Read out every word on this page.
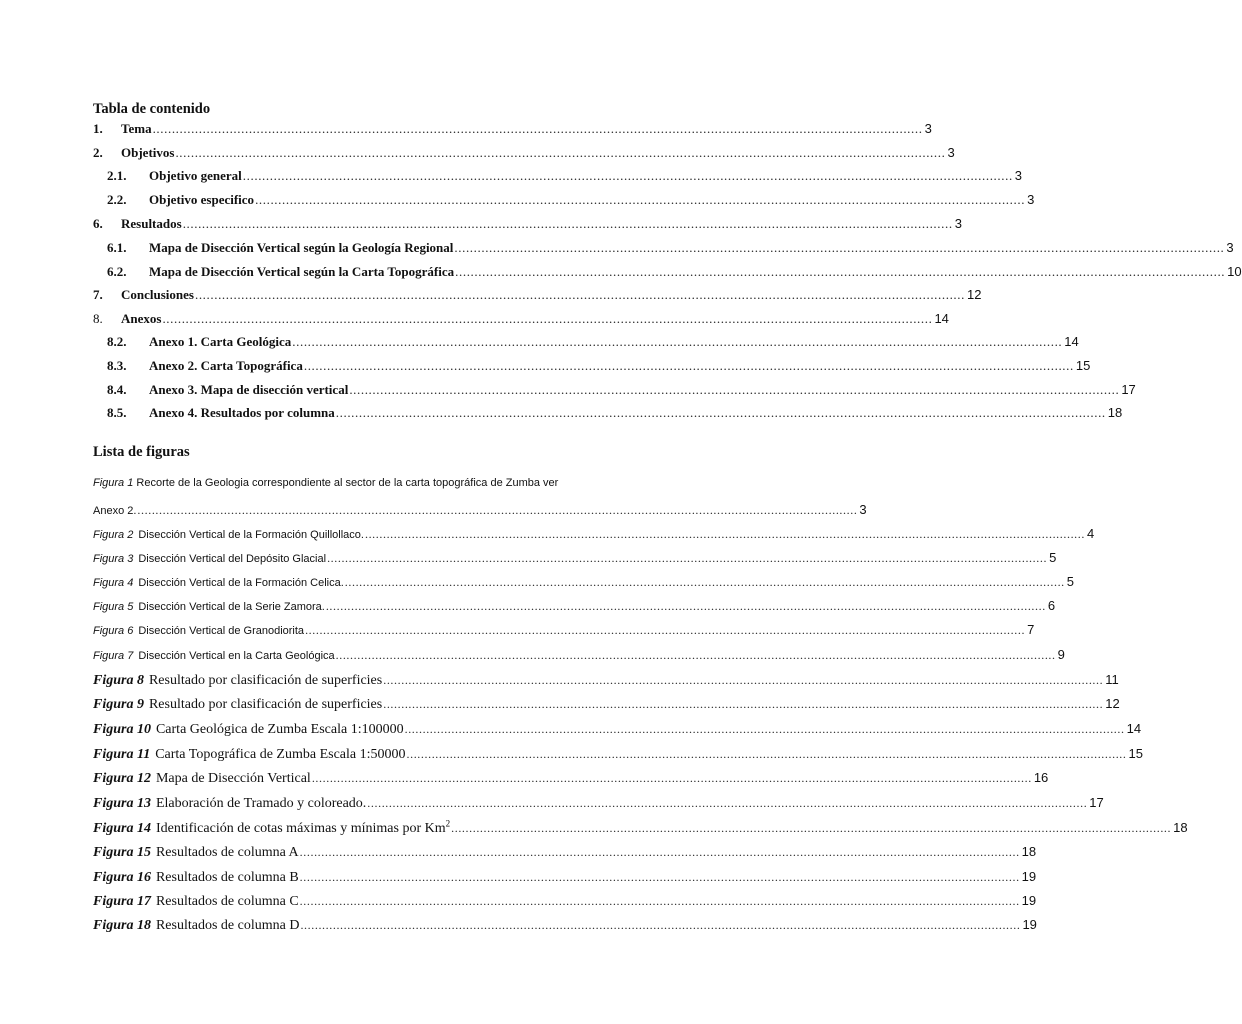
Tabla de contenido
1. Tema ........................................................................................................................................................................................................ 3
2. Objetivos ........................................................................................................................................................................................................ 3
2.1. Objetivo general ........................................................................................................................................................................................................ 3
2.2. Objetivo especifico ........................................................................................................................................................................................................ 3
6. Resultados ........................................................................................................................................................................................................ 3
6.1. Mapa de Disección Vertical según la Geología Regional ........................................................................................................................................................................................................ 3
6.2. Mapa de Disección Vertical según la Carta Topográfica ........................................................................................................................................................................................................ 10
7. Conclusiones ........................................................................................................................................................................................................ 12
8. Anexos ........................................................................................................................................................................................................ 14
8.2. Anexo 1. Carta Geológica ........................................................................................................................................................................................................ 14
8.3. Anexo 2. Carta Topográfica ........................................................................................................................................................................................................ 15
8.4. Anexo 3. Mapa de disección vertical ........................................................................................................................................................................................................ 17
8.5. Anexo 4. Resultados por columna ........................................................................................................................................................................................................ 18
Lista de figuras
Figura 1 Recorte de la Geologia correspondiente al sector de la carta topográfica de Zumba ver
Anexo 2. ........................................................................................................................................................................................................ 3
Figura 2 Disección Vertical de la Formación Quillollaco. ........................................................................................................................................................................................................ 4
Figura 3 Disección Vertical del Depósito Glacial ........................................................................................................................................................................................................ 5
Figura 4 Disección Vertical de la Formación Celica. ........................................................................................................................................................................................................ 5
Figura 5 Disección Vertical de la Serie Zamora. ........................................................................................................................................................................................................ 6
Figura 6 Disección Vertical de Granodiorita ........................................................................................................................................................................................................ 7
Figura 7 Disección Vertical en la Carta Geológica ........................................................................................................................................................................................................ 9
Figura 8 Resultado por clasificación de superficies ........................................................................................................................................................................................................ 11
Figura 9 Resultado por clasificación de superficies ........................................................................................................................................................................................................ 12
Figura 10 Carta Geológica de Zumba Escala 1:100000 ........................................................................................................................................................................................................ 14
Figura 11 Carta Topográfica de Zumba Escala 1:50000 ........................................................................................................................................................................................................ 15
Figura 12 Mapa de Disección Vertical ........................................................................................................................................................................................................ 16
Figura 13 Elaboración de Tramado y coloreado. ........................................................................................................................................................................................................ 17
Figura 14 Identificación de cotas máximas y mínimas por Km$^2$ ........................................................................................................................................................................................................ 18
Figura 15 Resultados de columna A ........................................................................................................................................................................................................ 18
Figura 16 Resultados de columna B ........................................................................................................................................................................................................ 19
Figura 17 Resultados de columna C ........................................................................................................................................................................................................ 19
Figura 18 Resultados de columna D ........................................................................................................................................................................................................ 19
